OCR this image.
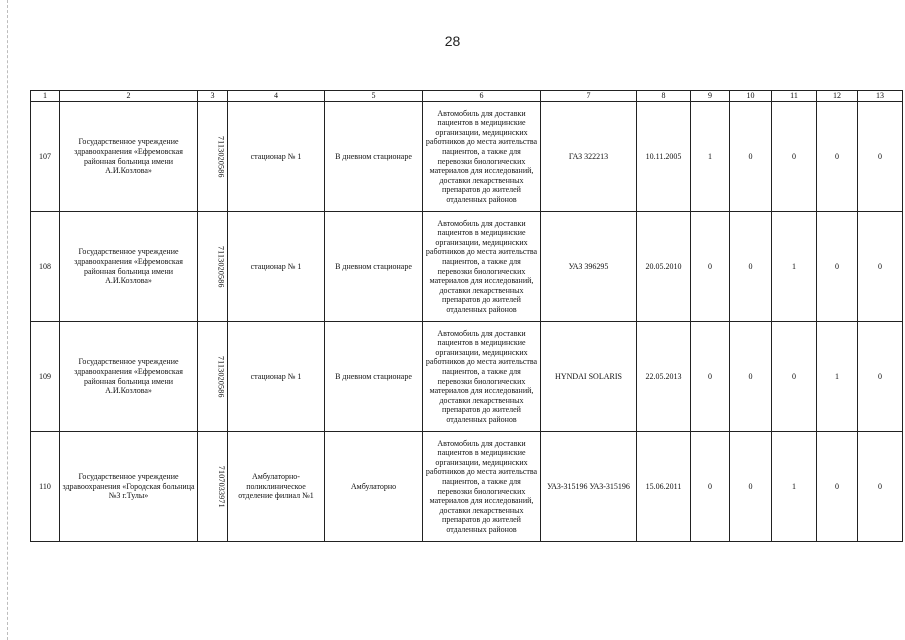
28
1	2	3	4	5	6	7	8	9	10	11	12	13
107	Государственное учреждение здравоохранения «Ефремовская районная больница имени А.И.Козлова»	7113020586	стационар № 1	В дневном стационаре	Автомобиль для доставки пациентов в медицинские организации, медицинских работников до места жительства пациентов, а также для перевозки биологических материалов для исследований, доставки лекарственных препаратов до жителей отдаленных районов	ГАЗ 322213	10.11.2005	1	0	0	0	0
108	Государственное учреждение здравоохранения «Ефремовская районная больница имени А.И.Козлова»	7113020586	стационар № 1	В дневном стационаре	Автомобиль для доставки пациентов в медицинские организации, медицинских работников до места жительства пациентов, а также для перевозки биологических материалов для исследований, доставки лекарственных препаратов до жителей отдаленных районов	УАЗ 396295	20.05.2010	0	0	1	0	0
109	Государственное учреждение здравоохранения «Ефремовская районная больница имени А.И.Козлова»	7113020586	стационар № 1	В дневном стационаре	Автомобиль для доставки пациентов в медицинские организации, медицинских работников до места жительства пациентов, а также для перевозки биологических материалов для исследований, доставки лекарственных препаратов до жителей отдаленных районов	HYNDAI SOLARIS	22.05.2013	0	0	0	1	0
110	Государственное учреждение здравоохранения «Городская больница №3 г.Тулы»	7107033971	Амбулаторно-поликлиническое отделение филиал №1	Амбулаторно	Автомобиль для доставки пациентов в медицинские организации, медицинских работников до места жительства пациентов, а также для перевозки биологических материалов для исследований, доставки лекарственных препаратов до жителей отдаленных районов	УАЗ-315196 УАЗ-315196	15.06.2011	0	0	1	0	0
